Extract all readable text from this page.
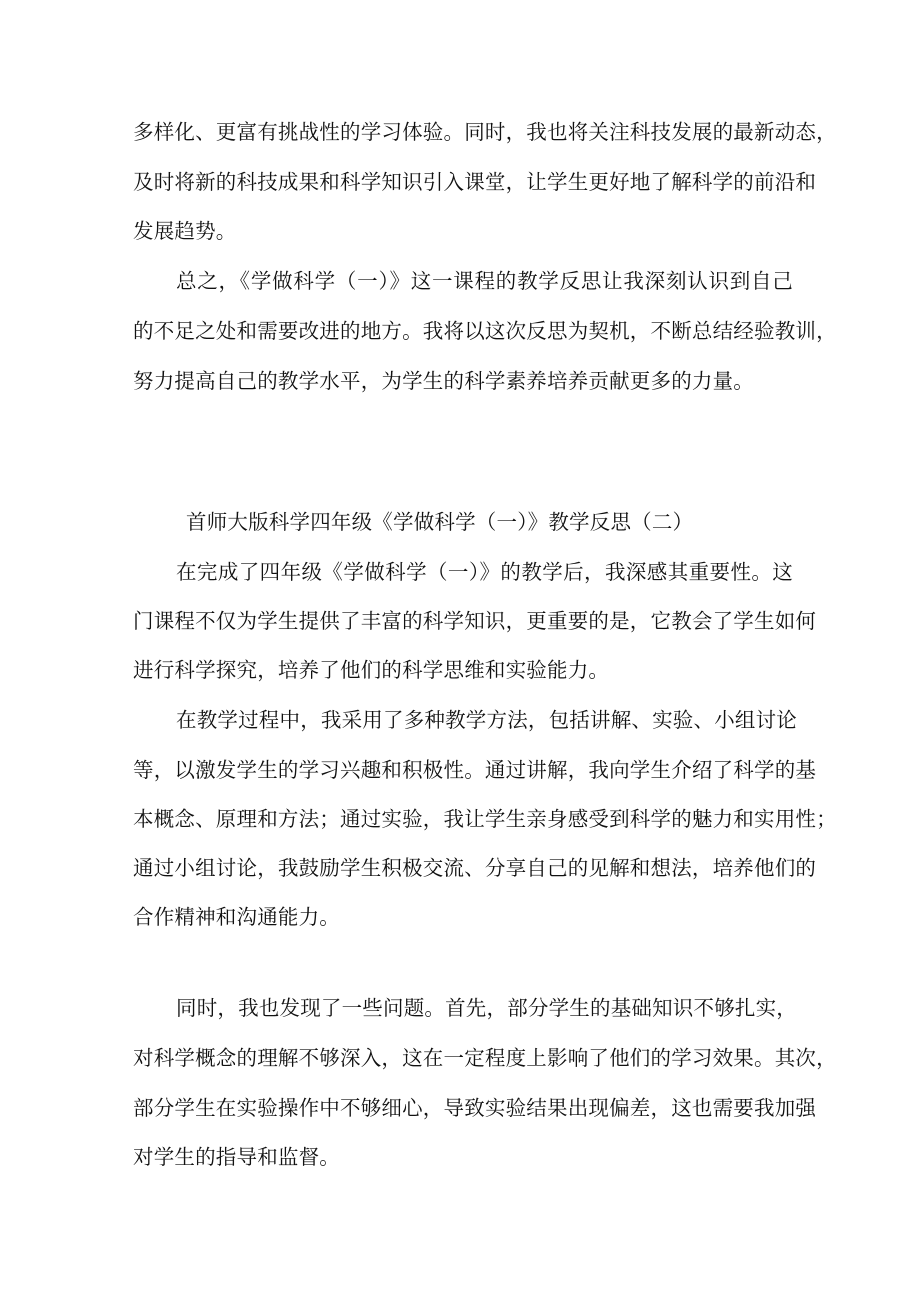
多样化、更富有挑战性的学习体验。同时，我也将关注科技发展的最新动态，
及时将新的科技成果和科学知识引入课堂，让学生更好地了解科学的前沿和
发展趋势。
总之，《学做科学（一）》这一课程的教学反思让我深刻认识到自己
的不足之处和需要改进的地方。我将以这次反思为契机，不断总结经验教训，
努力提高自己的教学水平，为学生的科学素养培养贡献更多的力量。
首师大版科学四年级《学做科学（一）》教学反思（二）
在完成了四年级《学做科学（一）》的教学后，我深感其重要性。这
门课程不仅为学生提供了丰富的科学知识，更重要的是，它教会了学生如何
进行科学探究，培养了他们的科学思维和实验能力。
在教学过程中，我采用了多种教学方法，包括讲解、实验、小组讨论
等，以激发学生的学习兴趣和积极性。通过讲解，我向学生介绍了科学的基
本概念、原理和方法；通过实验，我让学生亲身感受到科学的魅力和实用性；
通过小组讨论，我鼓励学生积极交流、分享自己的见解和想法，培养他们的
合作精神和沟通能力。
同时，我也发现了一些问题。首先，部分学生的基础知识不够扎实，
对科学概念的理解不够深入，这在一定程度上影响了他们的学习效果。其次，
部分学生在实验操作中不够细心，导致实验结果出现偏差，这也需要我加强
对学生的指导和监督。
